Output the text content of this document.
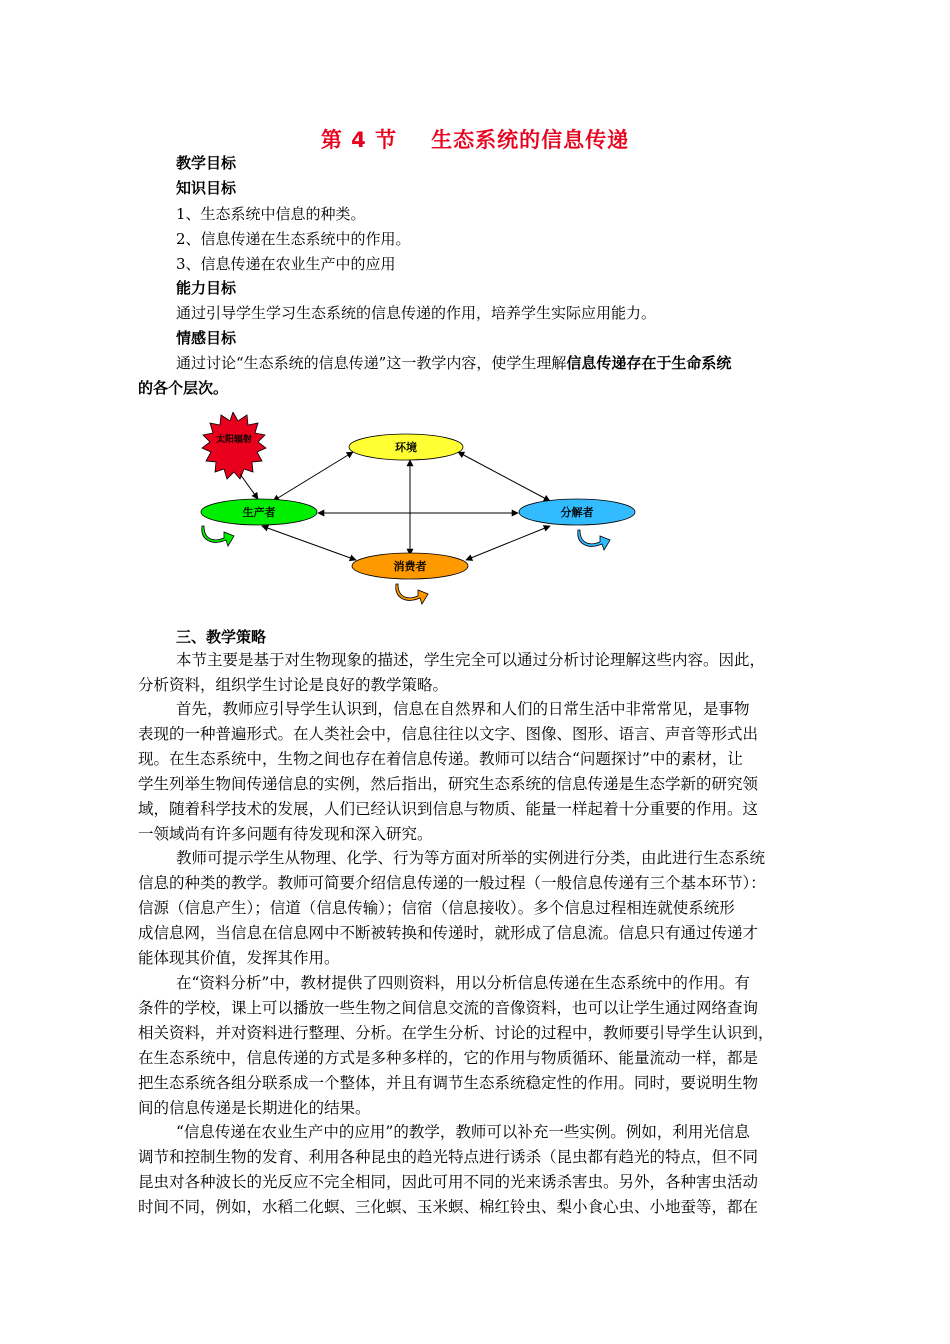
第 4 节 生态系统的信息传递
教学目标
知识目标
1、生态系统中信息的种类。
2、信息传递在生态系统中的作用。
3、信息传递在农业生产中的应用
能力目标
通过引导学生学习生态系统的信息传递的作用，培养学生实际应用能力。
情感目标
通过讨论“生态系统的信息传递”这一教学内容，使学生理解信息传递存在于生命系统
的各个层次。
太阳辐射
环境
生产者	分解者
消费者
三、教学策略
本节主要是基于对生物现象的描述，学生完全可以通过分析讨论理解这些内容。因此，
分析资料，组织学生讨论是良好的教学策略。
首先，教师应引导学生认识到，信息在自然界和人们的日常生活中非常常见，是事物
表现的一种普遍形式。在人类社会中，信息往往以文字、图像、图形、语言、声音等形式出
现。在生态系统中，生物之间也存在着信息传递。教师可以结合“问题探讨”中的素材，让
学生列举生物间传递信息的实例，然后指出，研究生态系统的信息传递是生态学新的研究领
域，随着科学技术的发展，人们已经认识到信息与物质、能量一样起着十分重要的作用。这
一领域尚有许多问题有待发现和深入研究。
教师可提示学生从物理、化学、行为等方面对所举的实例进行分类，由此进行生态系统
信息的种类的教学。教师可简要介绍信息传递的一般过程（一般信息传递有三个基本环节）：
信源（信息产生）；信道（信息传输）；信宿（信息接收）。多个信息过程相连就使系统形
成信息网，当信息在信息网中不断被转换和传递时，就形成了信息流。信息只有通过传递才
能体现其价值，发挥其作用。
在“资料分析”中，教材提供了四则资料，用以分析信息传递在生态系统中的作用。有
条件的学校，课上可以播放一些生物之间信息交流的音像资料，也可以让学生通过网络查询
相关资料，并对资料进行整理、分析。在学生分析、讨论的过程中，教师要引导学生认识到，
在生态系统中，信息传递的方式是多种多样的，它的作用与物质循环、能量流动一样，都是
把生态系统各组分联系成一个整体，并且有调节生态系统稳定性的作用。同时，要说明生物
间的信息传递是长期进化的结果。
“信息传递在农业生产中的应用”的教学，教师可以补充一些实例。例如，利用光信息
调节和控制生物的发育、利用各种昆虫的趋光特点进行诱杀（昆虫都有趋光的特点，但不同
昆虫对各种波长的光反应不完全相同，因此可用不同的光来诱杀害虫。另外，各种害虫活动
时间不同，例如，水稻二化螟、三化螟、玉米螟、棉红铃虫、梨小食心虫、小地蚕等，都在
